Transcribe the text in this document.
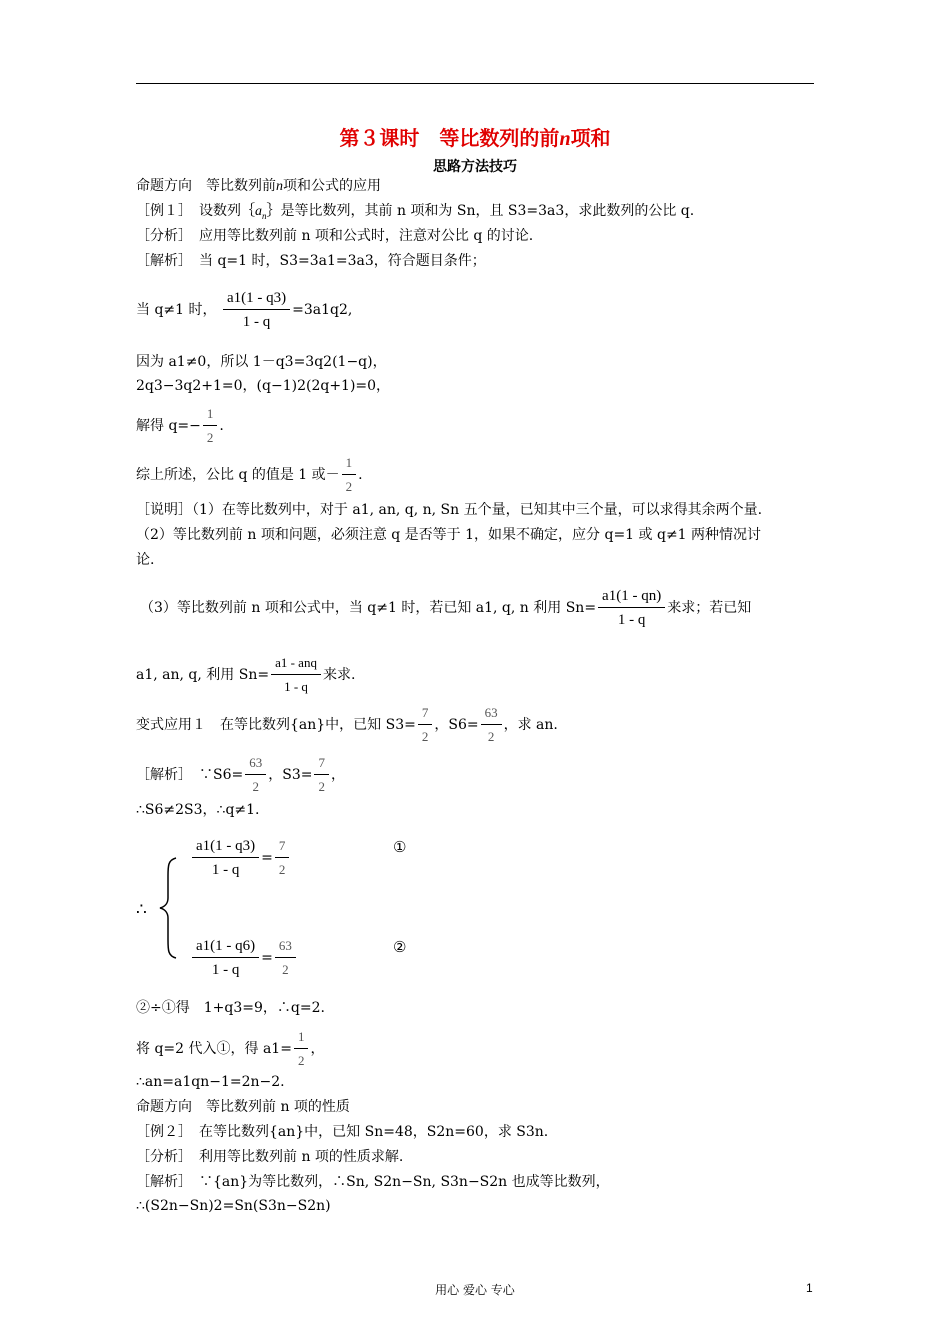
第３课时　等比数列的前n项和
思路方法技巧
命题方向　等比数列前n项和公式的应用
［例１］　设数列$\{a_n\}$是等比数列，其前 n 项和为 Sn，且 S3=3a3，求此数列的公比 q.
［分析］　应用等比数列前 n 项和公式时，注意对公比 q 的讨论.
［解析］　当 q=1 时，S3=3a1=3a3，符合题目条件；
当 q≠1 时， $\frac{a1(1 - q3)}{1 - q} =3a1q2$,
因为 a1≠0，所以 1－q3=3q2(1−q)，
2q3−3q2+1=0，(q−1)2(2q+1)=0，
解得 $q=- \frac{1}{2}$ .
综上所述，公比 q 的值是 1 或－ $\frac{1}{2}$ .
［说明］（1）在等比数列中，对于 a1, an, q, n, Sn 五个量，已知其中三个量，可以求得其余两个量.
（2）等比数列前 n 项和问题，必须注意 q 是否等于 1，如果不确定，应分 q=1 或 q≠1 两种情况讨
论.
（3）等比数列前 n 项和公式中，当 q≠1 时，若已知 a1, q, n 利用 $Sn= \frac{a1(1 - qn)}{1 - q}$ 来求；若已知
a1, an, q, 利用 $Sn= \frac{\text{a1 - anq}}{1 - q}$ 来求.
变式应用１　在等比数列{an}中，已知 $S3= \frac{7}{2}$ ，$S6= \frac{63}{2}$ ，求 an.
［解析］　∵S6= $\frac{63}{2}$ ，$S3= \frac{7}{2}$ ，
∴S6≠2S3，∴q≠1.
∴
$\frac{a1(1 - q3)}{1 - q} = \frac{7}{2}$	①
$\frac{a1(1 - q6)}{1 - q} = \frac{63}{2}$	②
②÷①得　1+q3=9，∴q=2.
将 q=2 代入①，得 $a1= \frac{1}{2}$ ，
∴an=a1qn−1=2n−2.
命题方向　等比数列前 n 项的性质
［例２］　在等比数列{an}中，已知 Sn=48，S2n=60，求 S3n.
［分析］　利用等比数列前 n 项的性质求解.
［解析］　∵{an}为等比数列，∴Sn, S2n−Sn, S3n−S2n 也成等比数列，
∴(S2n−Sn)2=Sn(S3n−S2n)
用心 爱心 专心	1
